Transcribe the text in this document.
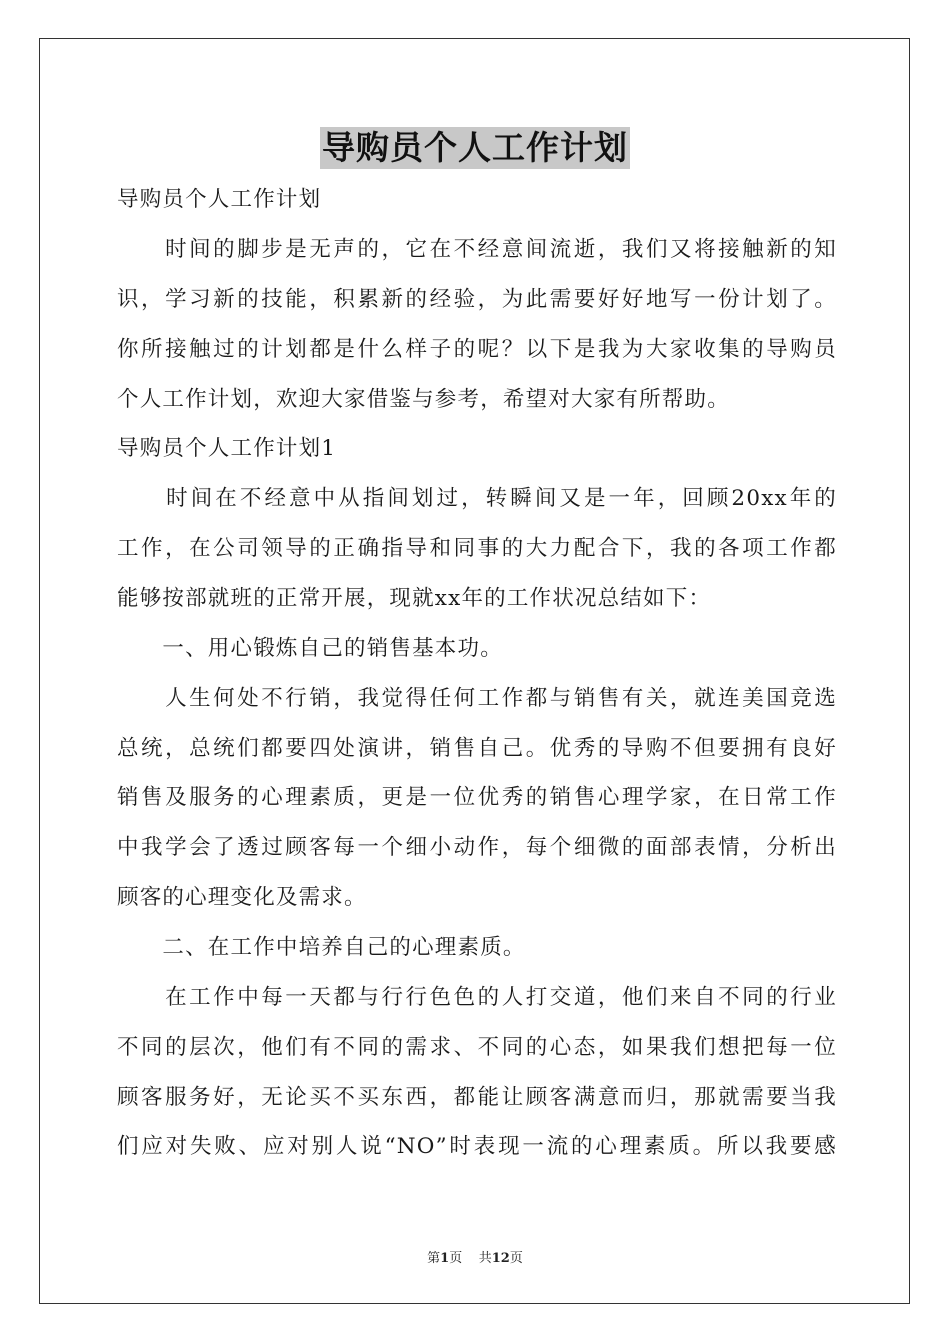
导购员个人工作计划
导购员个人工作计划
　　时间的脚步是无声的，它在不经意间流逝，我们又将接触新的知
识，学习新的技能，积累新的经验，为此需要好好地写一份计划了。
你所接触过的计划都是什么样子的呢？以下是我为大家收集的导购员
个人工作计划，欢迎大家借鉴与参考，希望对大家有所帮助。
导购员个人工作计划1
　　时间在不经意中从指间划过，转瞬间又是一年，回顾20xx年的
工作，在公司领导的正确指导和同事的大力配合下，我的各项工作都
能够按部就班的正常开展，现就xx年的工作状况总结如下：
　　一、用心锻炼自己的销售基本功。
　　人生何处不行销，我觉得任何工作都与销售有关，就连美国竞选
总统，总统们都要四处演讲，销售自己。优秀的导购不但要拥有良好
销售及服务的心理素质，更是一位优秀的销售心理学家，在日常工作
中我学会了透过顾客每一个细小动作，每个细微的面部表情，分析出
顾客的心理变化及需求。
　　二、在工作中培养自己的心理素质。
　　在工作中每一天都与行行色色的人打交道，他们来自不同的行业
不同的层次，他们有不同的需求、不同的心态，如果我们想把每一位
顾客服务好，无论买不买东西，都能让顾客满意而归，那就需要当我
们应对失败、应对别人说“NO”时表现一流的心理素质。所以我要感
第1页 共12页
